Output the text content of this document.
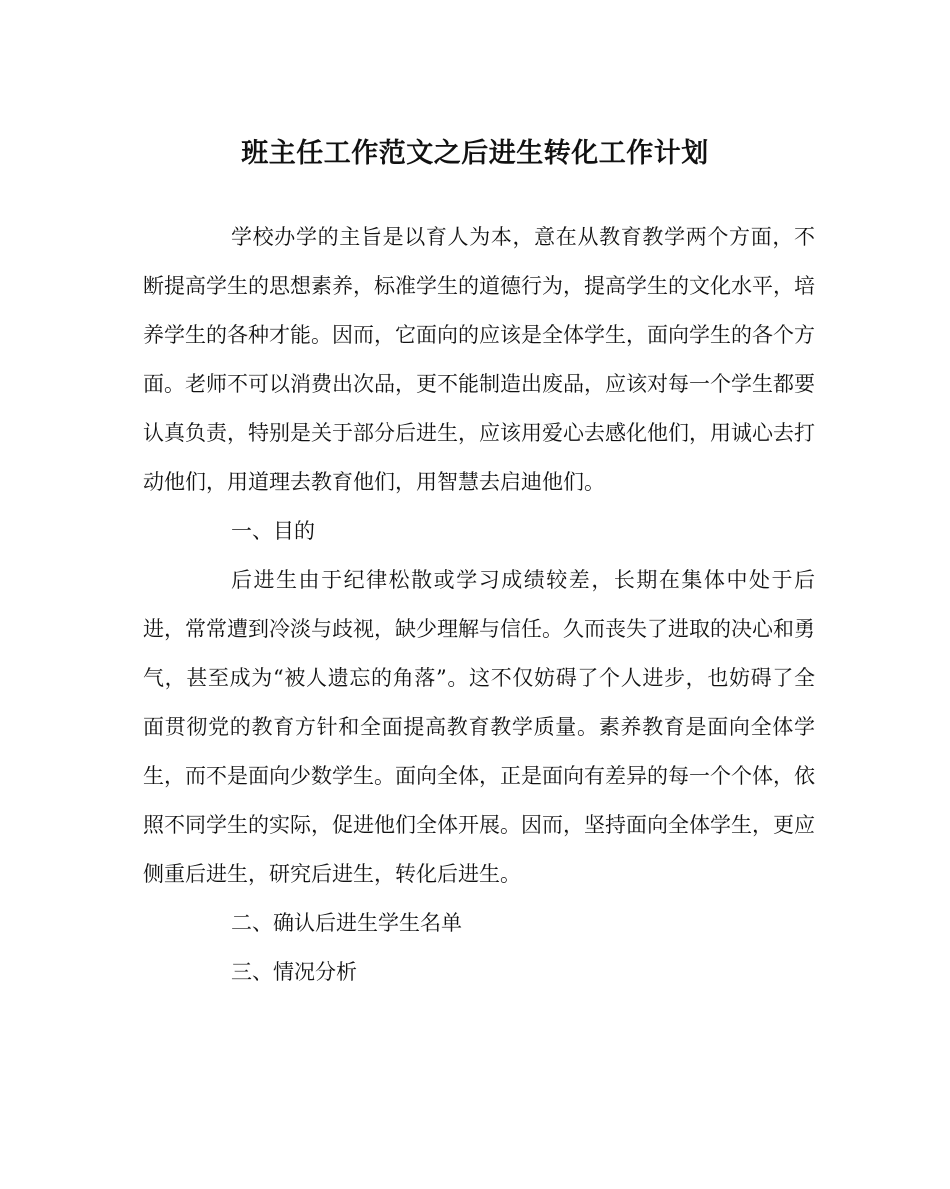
班主任工作范文之后进生转化工作计划

学校办学的主旨是以育人为本，意在从教育教学两个方面，不断提高学生的思想素养，标准学生的道德行为，提高学生的文化水平，培养学生的各种才能。因而，它面向的应该是全体学生，面向学生的各个方面。老师不可以消费出次品，更不能制造出废品，应该对每一个学生都要认真负责，特别是关于部分后进生，应该用爱心去感化他们，用诚心去打动他们，用道理去教育他们，用智慧去启迪他们。

一、目的

后进生由于纪律松散或学习成绩较差，长期在集体中处于后进，常常遭到冷淡与歧视，缺少理解与信任。久而丧失了进取的决心和勇气，甚至成为“被人遗忘的角落”。这不仅妨碍了个人进步，也妨碍了全面贯彻党的教育方针和全面提高教育教学质量。素养教育是面向全体学生，而不是面向少数学生。面向全体，正是面向有差异的每一个个体，依照不同学生的实际，促进他们全体开展。因而，坚持面向全体学生，更应侧重后进生，研究后进生，转化后进生。

二、确认后进生学生名单

三、情况分析
